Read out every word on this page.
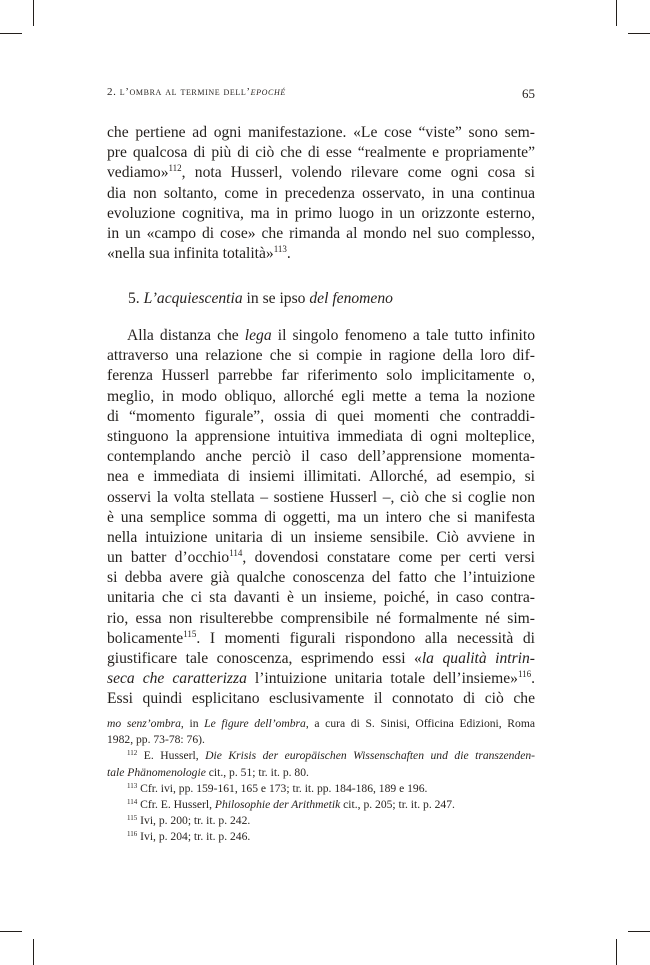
2. l’ombra al termine dell’epoché	65
che pertiene ad ogni manifestazione. «Le cose “viste” sono sem-
pre qualcosa di più di ciò che di esse “realmente e propriamente”
vediamo»$^{112}$, nota Husserl, volendo rilevare come ogni cosa si
dia non soltanto, come in precedenza osservato, in una continua
evoluzione cognitiva, ma in primo luogo in un orizzonte esterno,
in un «campo di cose» che rimanda al mondo nel suo complesso,
«nella sua infinita totalità»$^{113}$.
5. L’acquiescentia in se ipso del fenomeno
Alla distanza che lega il singolo fenomeno a tale tutto infinito
attraverso una relazione che si compie in ragione della loro dif-
ferenza Husserl parrebbe far riferimento solo implicitamente o,
meglio, in modo obliquo, allorché egli mette a tema la nozione
di “momento figurale”, ossia di quei momenti che contraddi-
stinguono la apprensione intuitiva immediata di ogni molteplice,
contemplando anche perciò il caso dell’apprensione momenta-
nea e immediata di insiemi illimitati. Allorché, ad esempio, si
osservi la volta stellata – sostiene Husserl –, ciò che si coglie non
è una semplice somma di oggetti, ma un intero che si manifesta
nella intuizione unitaria di un insieme sensibile. Ciò avviene in
un batter d’occhio$^{114}$, dovendosi constatare come per certi versi
si debba avere già qualche conoscenza del fatto che l’intuizione
unitaria che ci sta davanti è un insieme, poiché, in caso contra-
rio, essa non risulterebbe comprensibile né formalmente né sim-
bolicamente$^{115}$. I momenti figurali rispondono alla necessità di
giustificare tale conoscenza, esprimendo essi «la qualità intrin-
seca che caratterizza l’intuizione unitaria totale dell’insieme»$^{116}$.
Essi quindi esplicitano esclusivamente il connotato di ciò che
mo senz’ombra, in Le figure dell’ombra, a cura di S. Sinisi, Officina Edizioni, Roma
1982, pp. 73-78: 76).
$^{112}$ E. Husserl, Die Krisis der europäischen Wissenschaften und die transzenden-
tale Phänomenologie cit., p. 51; tr. it. p. 80.
$^{113}$ Cfr. ivi, pp. 159-161, 165 e 173; tr. it. pp. 184-186, 189 e 196.
$^{114}$ Cfr. E. Husserl, Philosophie der Arithmetik cit., p. 205; tr. it. p. 247.
$^{115}$ Ivi, p. 200; tr. it. p. 242.
$^{116}$ Ivi, p. 204; tr. it. p. 246.
